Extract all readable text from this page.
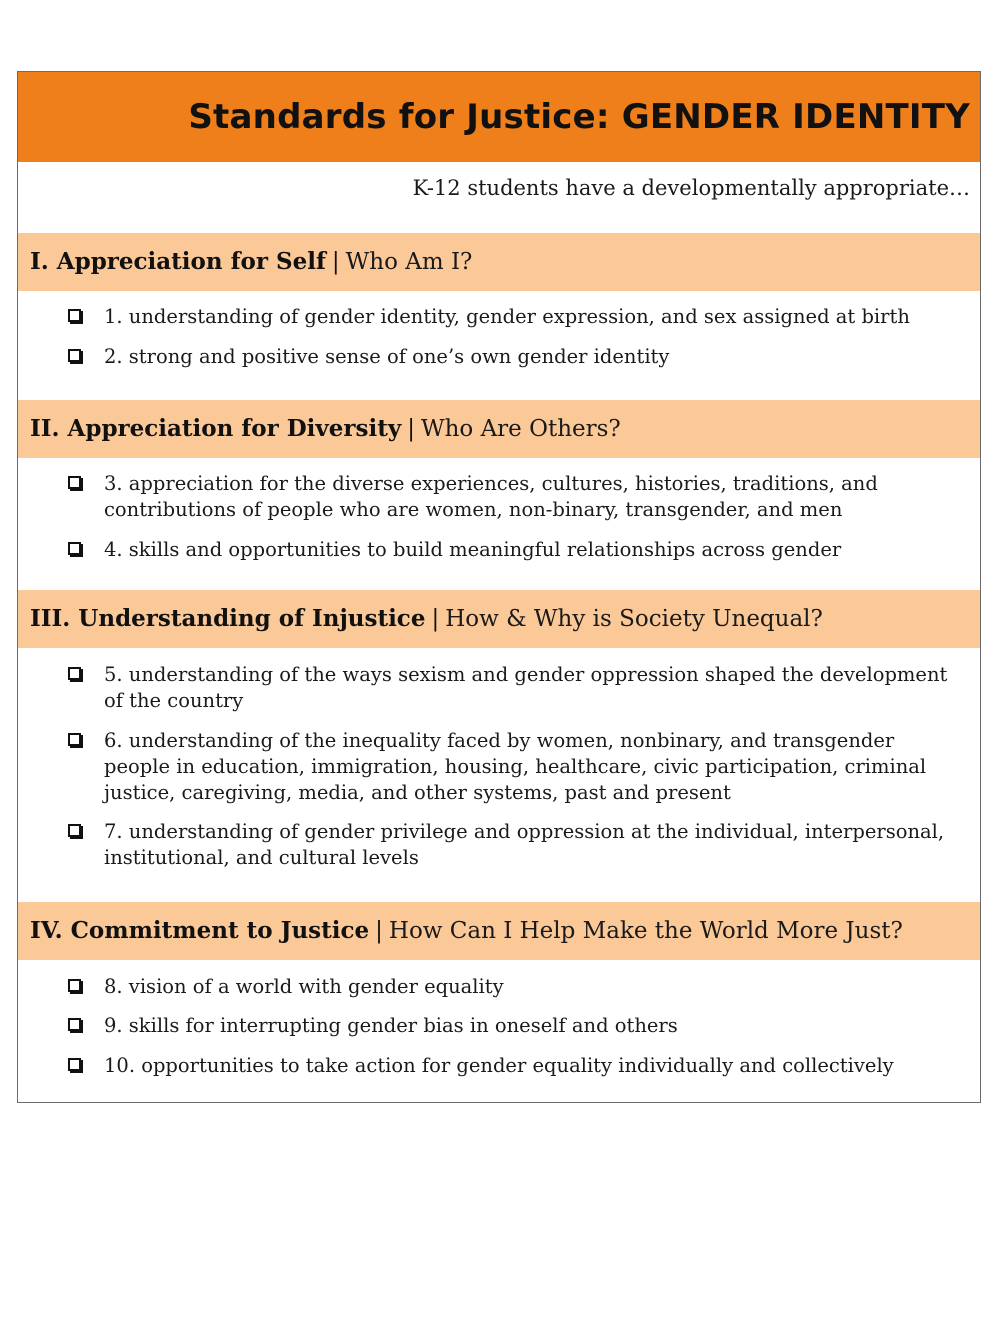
Standards for Justice: GENDER IDENTITY
K-12 students have a developmentally appropriate…
I. Appreciation for Self | Who Am I?
1. understanding of gender identity, gender expression, and sex assigned at birth
2. strong and positive sense of one’s own gender identity
II. Appreciation for Diversity | Who Are Others?
3. appreciation for the diverse experiences, cultures, histories, traditions, and contributions of people who are women, non-binary, transgender, and men
4. skills and opportunities to build meaningful relationships across gender
III. Understanding of Injustice | How & Why is Society Unequal?
5. understanding of the ways sexism and gender oppression shaped the development of the country
6. understanding of the inequality faced by women, nonbinary, and transgender people in education, immigration, housing, healthcare, civic participation, criminal justice, caregiving, media, and other systems, past and present
7. understanding of gender privilege and oppression at the individual, interpersonal, institutional, and cultural levels
IV. Commitment to Justice | How Can I Help Make the World More Just?
8. vision of a world with gender equality
9. skills for interrupting gender bias in oneself and others
10. opportunities to take action for gender equality individually and collectively
